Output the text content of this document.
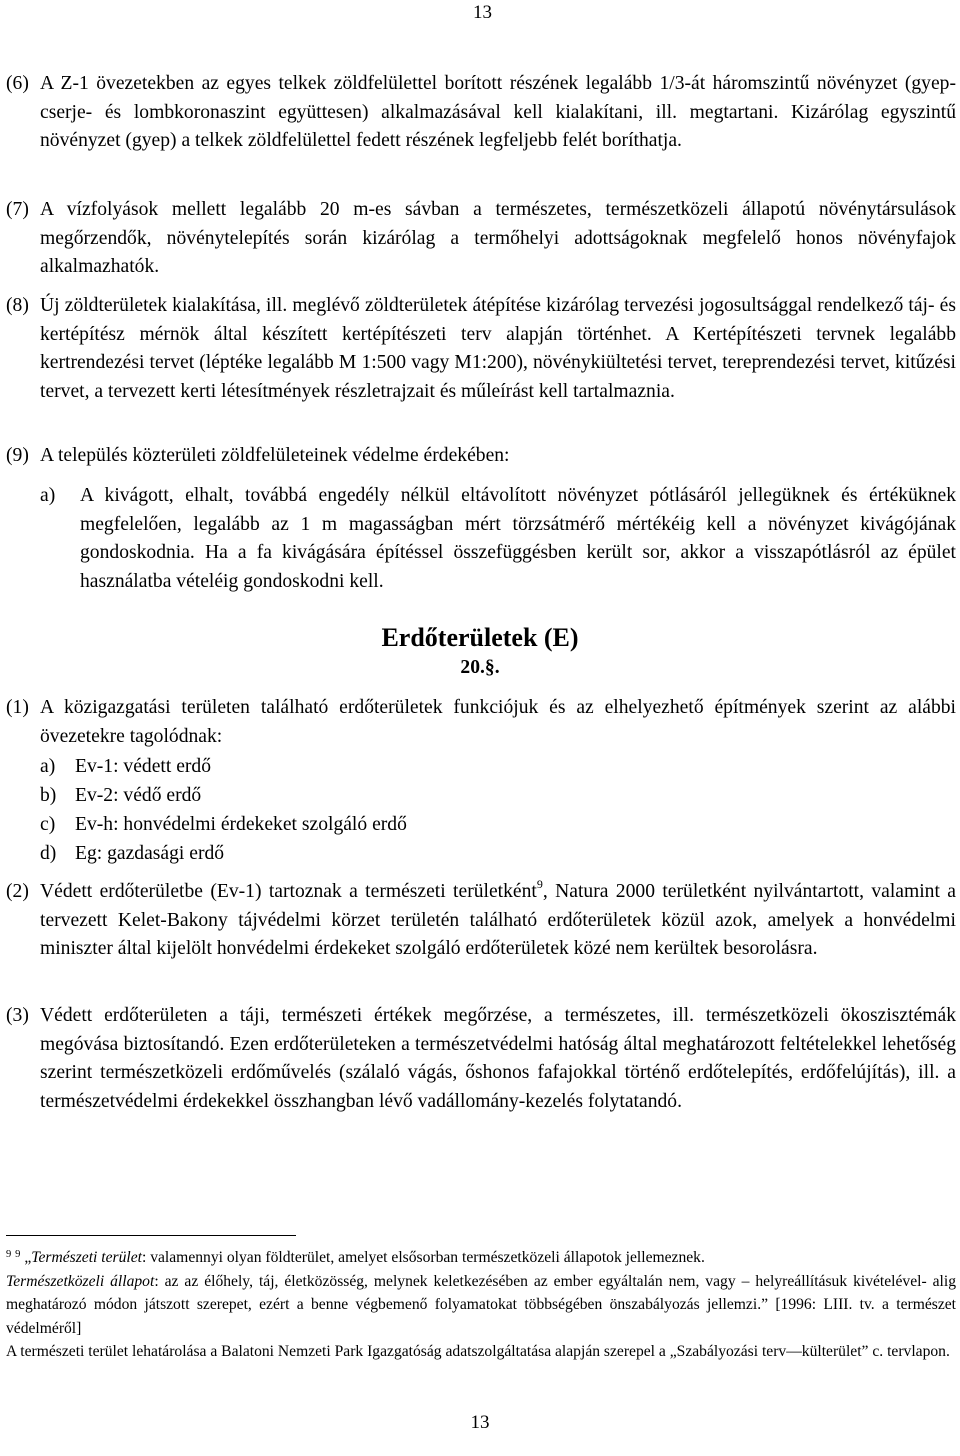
13
(6) A Z-1 övezetekben az egyes telkek zöldfelülettel borított részének legalább 1/3-át háromszintű növényzet (gyep- cserje- és lombkoronaszint együttesen) alkalmazásával kell kialakítani, ill. megtartani. Kizárólag egyszintű növényzet (gyep) a telkek zöldfelülettel fedett részének legfeljebb felét boríthatja.
(7) A vízfolyások mellett legalább 20 m-es sávban a természetes, természetközeli állapotú növénytársulások megőrzendők, növénytelepítés során kizárólag a termőhelyi adottságoknak megfelelő honos növényfajok alkalmazhatók.
(8) Új zöldterületek kialakítása, ill. meglévő zöldterületek átépítése kizárólag tervezési jogosultsággal rendelkező táj- és kertépítész mérnök által készített kertépítészeti terv alapján történhet. A Kertépítészeti tervnek legalább kertrendezési tervet (léptéke legalább M 1:500 vagy M1:200), növénykiültetési tervet, tereprendezési tervet, kitűzési tervet, a tervezett kerti létesítmények részletrajzait és műleírást kell tartalmaznia.
(9) A település közterületi zöldfelületeinek védelme érdekében:
a) A kivágott, elhalt, továbbá engedély nélkül eltávolított növényzet pótlásáról jellegüknek és értéküknek megfelelően, legalább az 1 m magasságban mért törzsátmérő mértékéig kell a növényzet kivágójának gondoskodnia. Ha a fa kivágására építéssel összefüggésben került sor, akkor a visszapótlásról az épület használatba vételéig gondoskodni kell.
Erdőterületek (E)
20.§.
(1) A közigazgatási területen található erdőterületek funkciójuk és az elhelyezhető építmények szerint az alábbi övezetekre tagolódnak:
a) Ev-1: védett erdő
b) Ev-2: védő erdő
c) Ev-h: honvédelmi érdekeket szolgáló erdő
d) Eg: gazdasági erdő
(2) Védett erdőterületbe (Ev-1) tartoznak a természeti területként$^9$, Natura 2000 területként nyilvántartott, valamint a tervezett Kelet-Bakony tájvédelmi körzet területén található erdőterületek közül azok, amelyek a honvédelmi miniszter által kijelölt honvédelmi érdekeket szolgáló erdőterületek közé nem kerültek besorolásra.
(3) Védett erdőterületen a táji, természeti értékek megőrzése, a természetes, ill. természetközeli ökoszisztémák megóvása biztosítandó. Ezen erdőterületeken a természetvédelmi hatóság által meghatározott feltételekkel lehetőség szerint természetközeli erdőművelés (szálaló vágás, őshonos fafajokkal történő erdőtelepítés, erdőfelújítás), ill. a természetvédelmi érdekekkel összhangban lévő vadállomány-kezelés folytatandó.
$^9$ $^9$ „Természeti terület: valamennyi olyan földterület, amelyet elsősorban természetközeli állapotok jellemeznek.
Természetközeli állapot: az az élőhely, táj, életközösség, melynek keletkezésében az ember egyáltalán nem, vagy – helyreállításuk kivételével- alig meghatározó módon játszott szerepet, ezért a benne végbemenő folyamatokat többségében önszabályozás jellemzi.” [1996: LIII. tv. a természet védelméről]
A természeti terület lehatárolása a Balatoni Nemzeti Park Igazgatóság adatszolgáltatása alapján szerepel a „Szabályozási terv—külterület” c. tervlapon.
13
